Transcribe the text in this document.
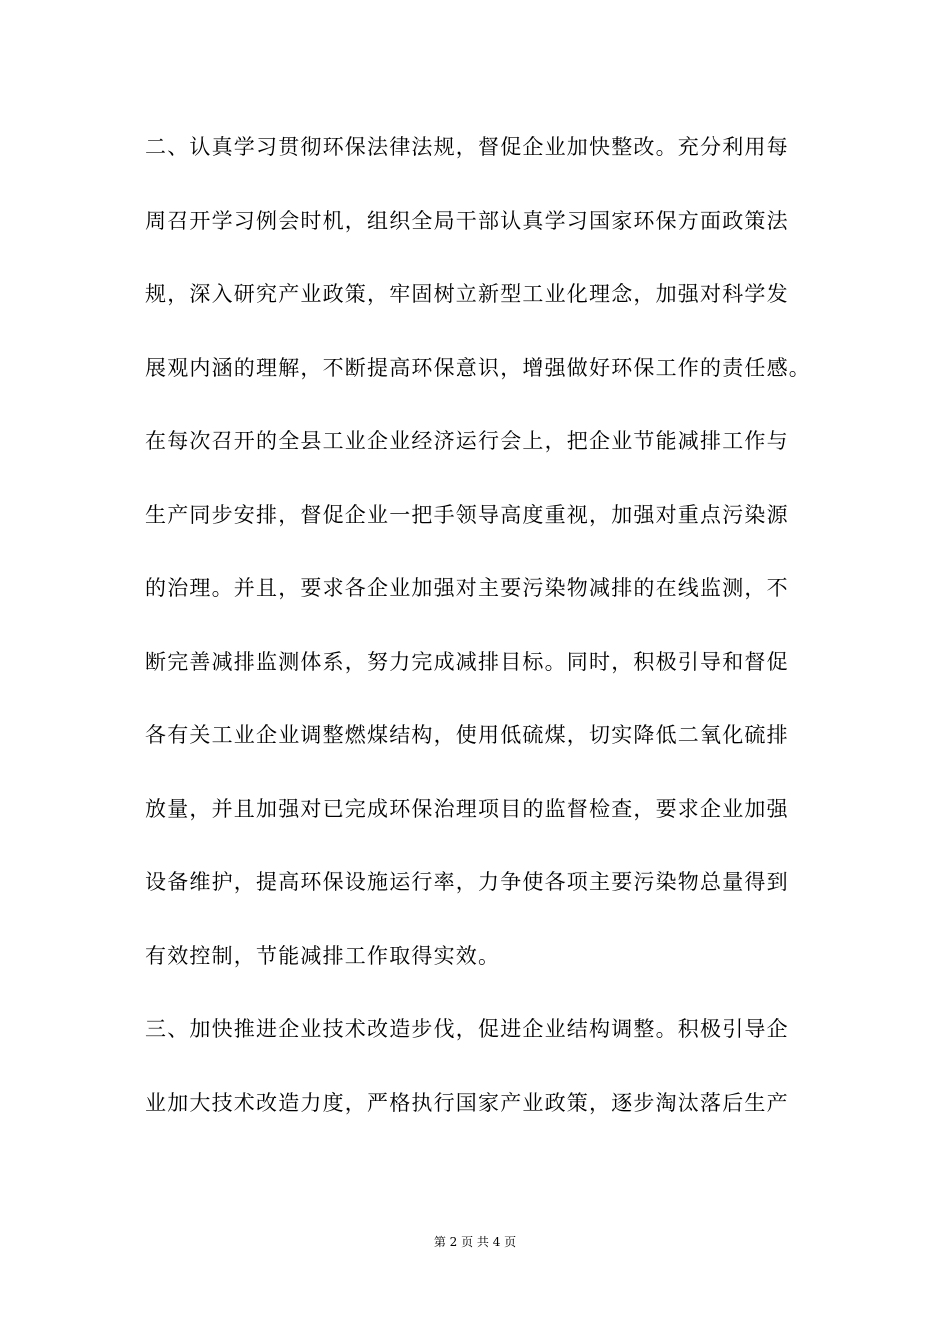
二、认真学习贯彻环保法律法规，督促企业加快整改。充分利用每
周召开学习例会时机，组织全局干部认真学习国家环保方面政策法
规，深入研究产业政策，牢固树立新型工业化理念，加强对科学发
展观内涵的理解，不断提高环保意识，增强做好环保工作的责任感。
在每次召开的全县工业企业经济运行会上，把企业节能减排工作与
生产同步安排，督促企业一把手领导高度重视，加强对重点污染源
的治理。并且，要求各企业加强对主要污染物减排的在线监测，不
断完善减排监测体系，努力完成减排目标。同时，积极引导和督促
各有关工业企业调整燃煤结构，使用低硫煤，切实降低二氧化硫排
放量，并且加强对已完成环保治理项目的监督检查，要求企业加强
设备维护，提高环保设施运行率，力争使各项主要污染物总量得到
有效控制，节能减排工作取得实效。
三、加快推进企业技术改造步伐，促进企业结构调整。积极引导企
业加大技术改造力度，严格执行国家产业政策，逐步淘汰落后生产
第 2 页 共 4 页
